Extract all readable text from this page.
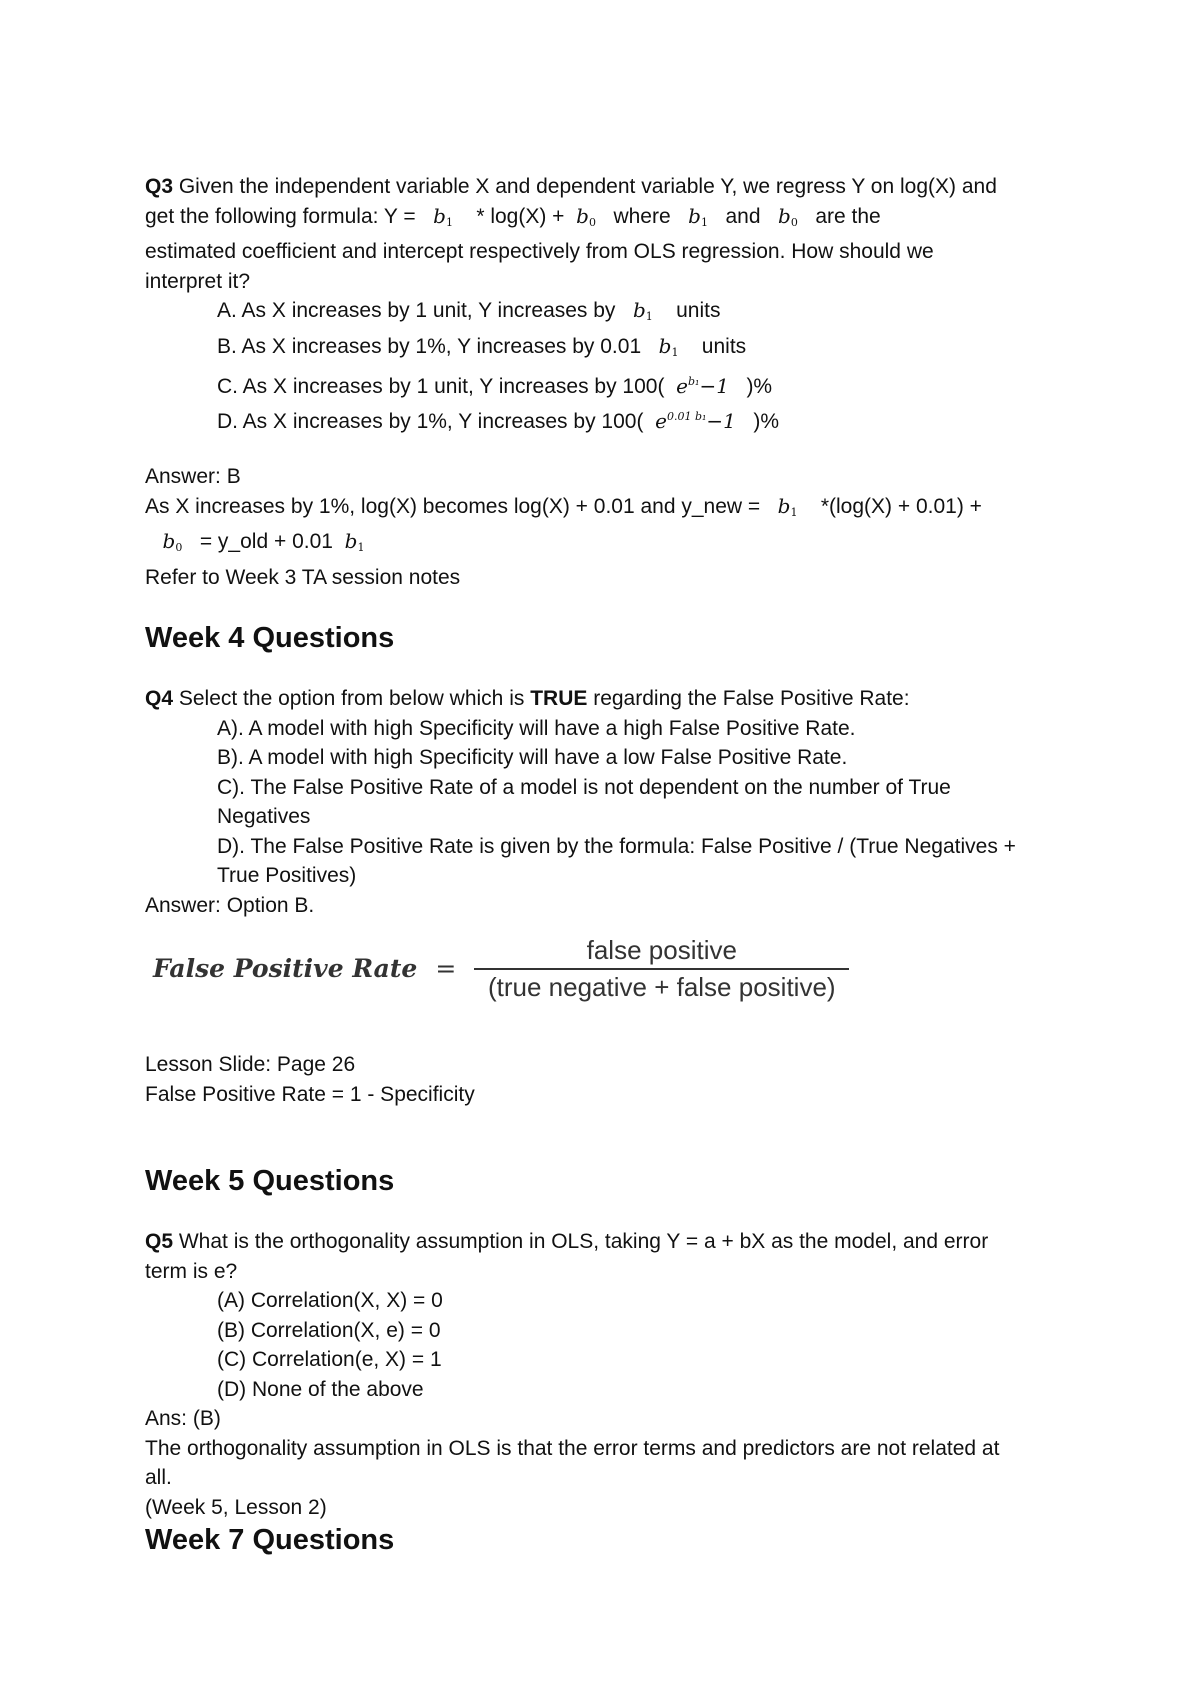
Q3 Given the independent variable X and dependent variable Y, we regress Y on log(X) and
get the following formula: $Y = b_1$    * $\log(X) + b_0$   where   $b_1$   and   $b_0$   are the
estimated coefficient and intercept respectively from OLS regression. How should we
interpret it?
A. As X increases by 1 unit, Y increases by   $b_1$    units
B. As X increases by 1%, Y increases by 0.01   $b_1$    units
C. As X increases by 1 unit, Y increases by 100( $e^{b_1}-1$ )%
D. As X increases by 1%, Y increases by 100( $e^{0.01 b_1}-1$ )%
Answer: B
As X increases by 1%, log(X) becomes log(X) + 0.01 and y_new =   $b_1$    *(log(X) + 0.01) +
$b_0$   = y_old + 0.01  $b_1$
Refer to Week 3 TA session notes
Week 4 Questions
Q4 Select the option from below which is TRUE regarding the False Positive Rate:
A). A model with high Specificity will have a high False Positive Rate.
B). A model with high Specificity will have a low False Positive Rate.
C). The False Positive Rate of a model is not dependent on the number of True
Negatives
D). The False Positive Rate is given by the formula: False Positive / (True Negatives +
True Positives)
Answer: Option B.
False Positive Rate = $\frac{\text{false positive}}{\text{(true negative + false positive)}}$
Lesson Slide: Page 26
False Positive Rate = 1 - Specificity
Week 5 Questions
Q5 What is the orthogonality assumption in OLS, taking Y = a + bX as the model, and error
term is e?
(A) Correlation(X, X) = 0
(B) Correlation(X, e) = 0
(C) Correlation(e, X) = 1
(D) None of the above
Ans: (B)
The orthogonality assumption in OLS is that the error terms and predictors are not related at
all.
(Week 5, Lesson 2)
Week 7 Questions
